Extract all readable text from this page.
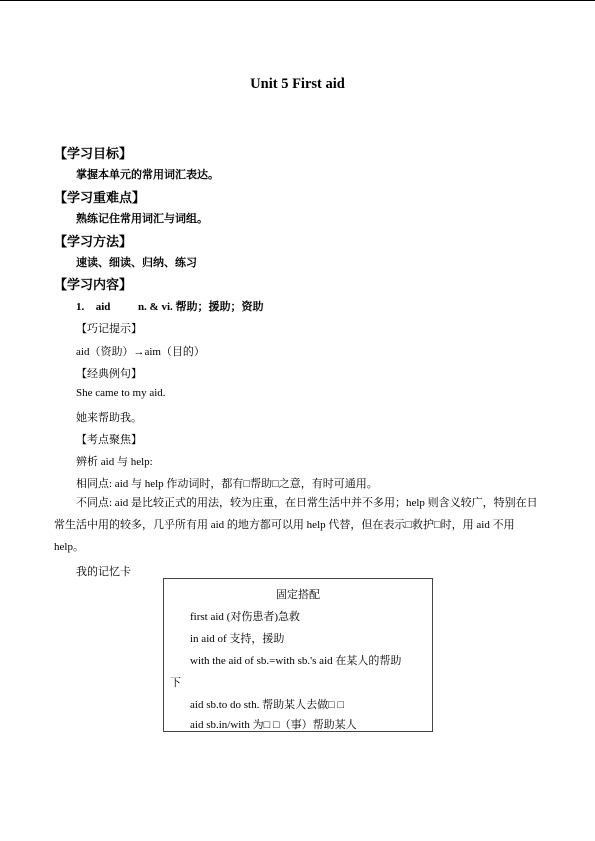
Unit 5 First aid
【学习目标】
掌握本单元的常用词汇表达。
【学习重难点】
熟练记住常用词汇与词组。
【学习方法】
速读、细读、归纳、练习
【学习内容】
1. aid	n. & vi. 帮助；援助；资助
【巧记提示】
aid（资助）→aim（目的）
【经典例句】
She came to my aid.
她来帮助我。
【考点聚焦】
辨析 aid 与 help:
相同点: aid 与 help 作动词时，都有□帮助□之意，有时可通用。
不同点: aid 是比较正式的用法，较为庄重，在日常生活中并不多用；help 则含义较广，特别在日常生活中用的较多，几乎所有用 aid 的地方都可以用 help 代替，但在表示□救护□时，用 aid 不用 help。
我的记忆卡
固定搭配
first aid (对伤患者)急救
in aid of 支持，援助
with the aid of sb.=with sb.'s aid 在某人的帮助
下
aid sb.to do sth. 帮助某人去做□ □
aid sb.in/with 为□ □（事）帮助某人
